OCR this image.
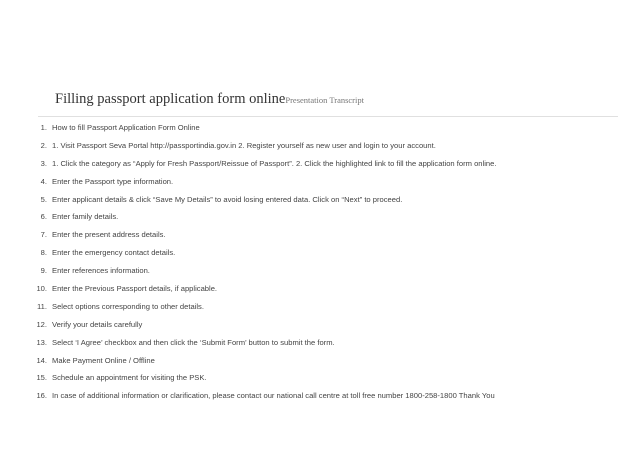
Filling passport application form onlinePresentation Transcript
1. How to fill Passport Application Form Online
2. 1. Visit Passport Seva Portal http://passportindia.gov.in 2. Register yourself as new user and login to your account.
3. 1. Click the category as “Apply for Fresh Passport/Reissue of Passport”. 2. Click the highlighted link to fill the application form online.
4. Enter the Passport type information.
5. Enter applicant details & click “Save My Details” to avoid losing entered data. Click on “Next” to proceed.
6. Enter family details.
7. Enter the present address details.
8. Enter the emergency contact details.
9. Enter references information.
10. Enter the Previous Passport details, if applicable.
11. Select options corresponding to other details.
12. Verify your details carefully
13. Select ‘I Agree’ checkbox and then click the ‘Submit Form’ button to submit the form.
14. Make Payment Online / Offline
15. Schedule an appointment for visiting the PSK.
16. In case of additional information or clarification, please contact our national call centre at toll free number 1800-258-1800 Thank You
